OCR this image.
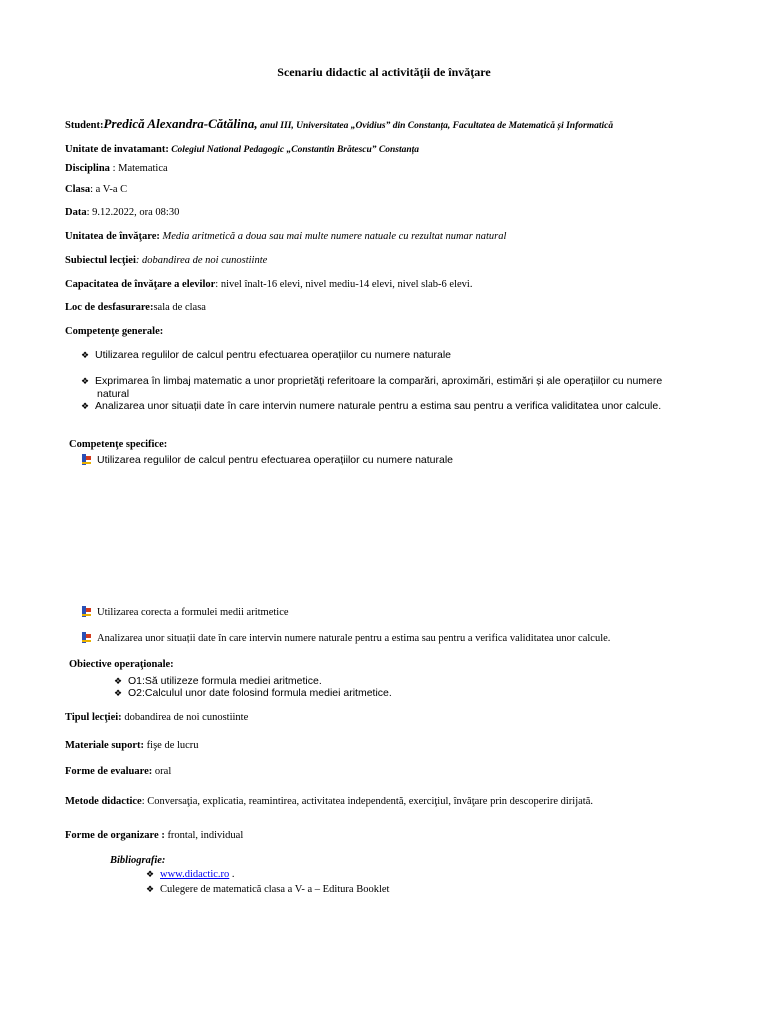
Scenariu didactic al activităţii de învăţare
Student:Predică Alexandra-Cătălina, anul III, Universitatea „Ovidius” din Constanța, Facultatea de Matematică și Informatică
Unitate de invatamant: Colegiul National Pedagogic „Constantin Brătescu” Constanța
Disciplina : Matematica
Clasa: a V-a C
Data: 9.12.2022, ora 08:30
Unitatea de învăţare: Media aritmetică a doua sau mai multe numere natuale cu rezultat numar natural
Subiectul lecţiei: dobandirea de noi cunostiinte
Capacitatea de învăţare a elevilor: nivel înalt-16 elevi, nivel mediu-14 elevi, nivel slab-6 elevi.
Loc de desfasurare:sala de clasa
Competenţe generale:
❖ Utilizarea regulilor de calcul pentru efectuarea operațiilor cu numere naturale
❖ Exprimarea în limbaj matematic a unor proprietăți referitoare la comparări, aproximări, estimări și ale operațiilor cu numere
natural
❖ Analizarea unor situații date în care intervin numere naturale pentru a estima sau pentru a verifica validitatea unor calcule.
Competenţe specifice:
Utilizarea regulilor de calcul pentru efectuarea operațiilor cu numere naturale
Utilizarea corecta a formulei medii aritmetice
Analizarea unor situații date în care intervin numere naturale pentru a estima sau pentru a verifica validitatea unor calcule.
Obiective operaţionale:
❖ O1:Să utilizeze formula mediei aritmetice.
❖ O2:Calculul unor date folosind formula mediei aritmetice.
Tipul lecţiei: dobandirea de noi cunostiinte
Materiale suport: fişe de lucru
Forme de evaluare: oral
Metode didactice: Conversaţia, explicatia, reamintirea, activitatea independentă, exerciţiul, învăţare prin descoperire dirijată.
Forme de organizare : frontal, individual
Bibliografie:
❖ www.didactic.ro .
❖ Culegere de matematică clasa a V- a – Editura Booklet
